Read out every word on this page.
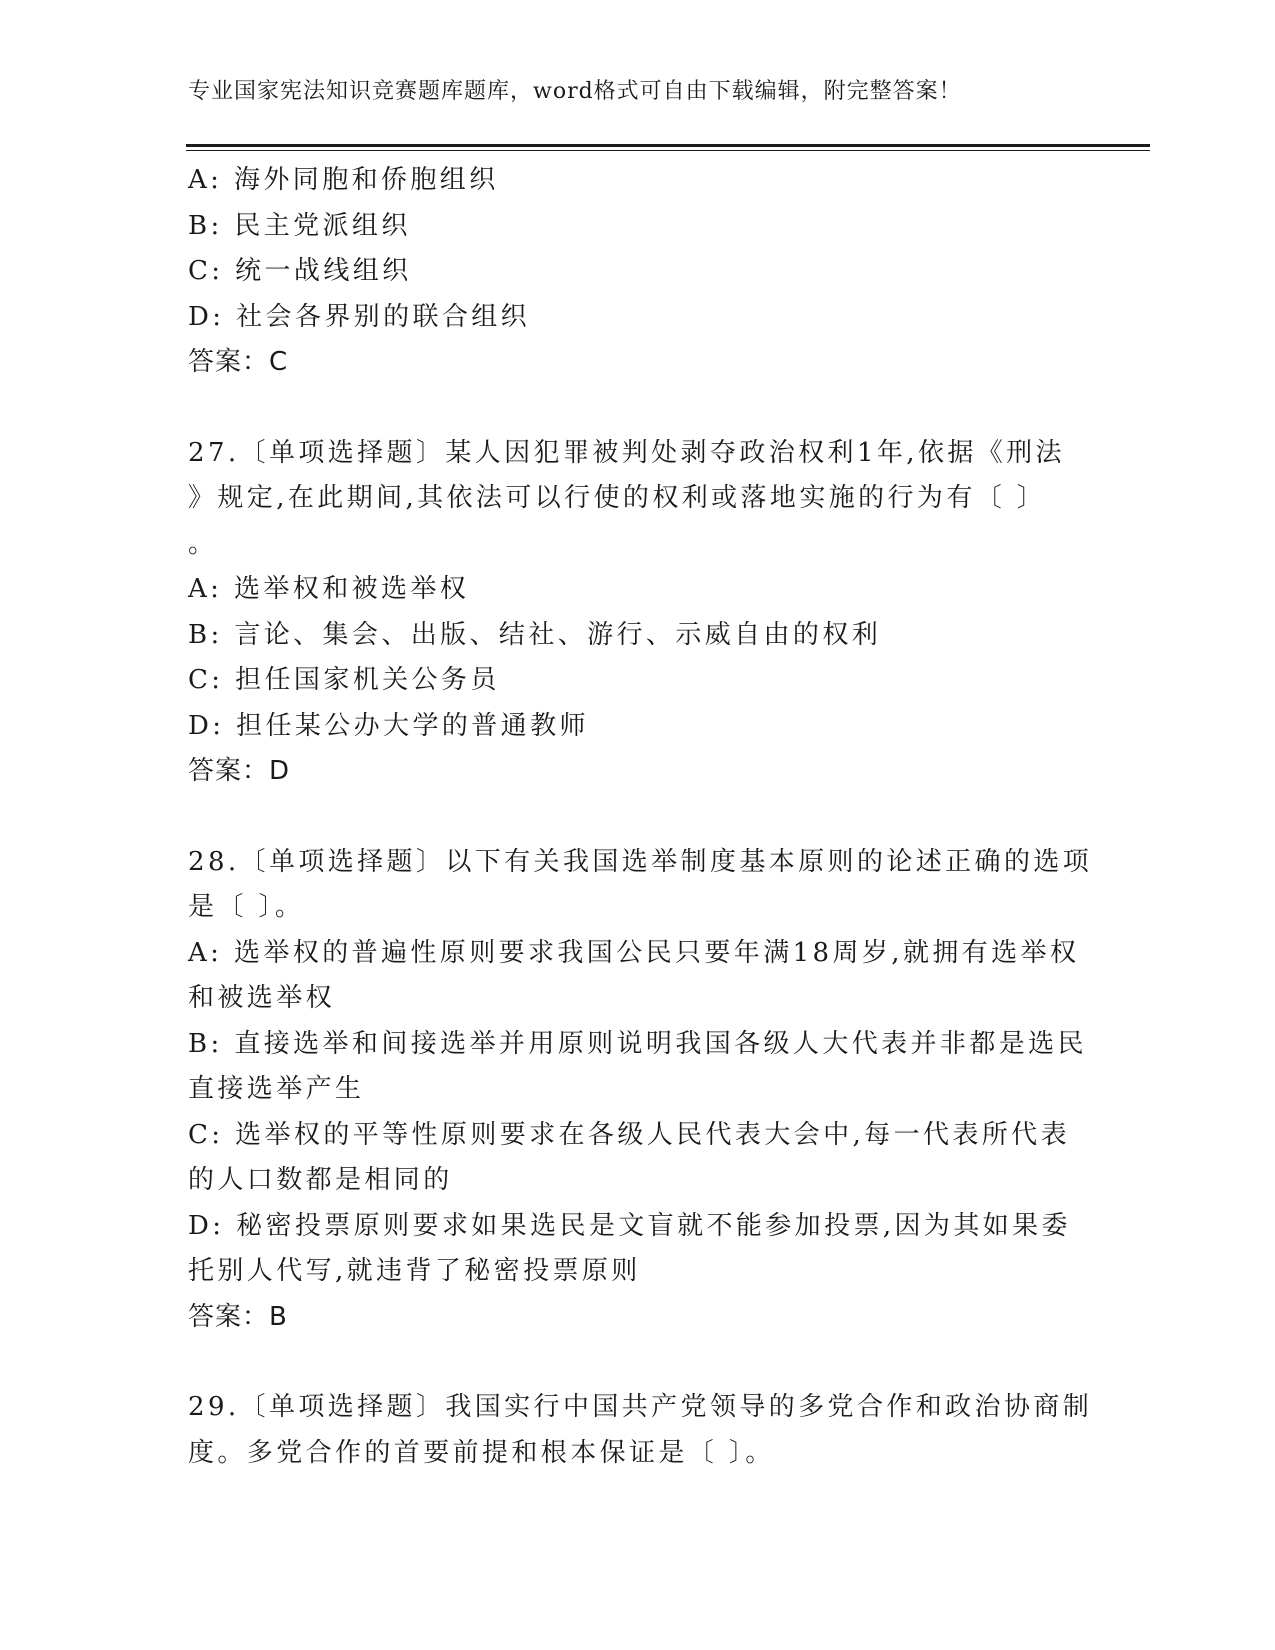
专业国家宪法知识竞赛题库题库，word格式可自由下载编辑，附完整答案！
A: 海外同胞和侨胞组织
B: 民主党派组织
C: 统一战线组织
D: 社会各界别的联合组织
答案：C
27.〔单项选择题〕某人因犯罪被判处剥夺政治权利1年,依据《刑法
》规定,在此期间,其依法可以行使的权利或落地实施的行为有〔 〕
。
A: 选举权和被选举权
B: 言论、集会、出版、结社、游行、示威自由的权利
C: 担任国家机关公务员
D: 担任某公办大学的普通教师
答案：D
28.〔单项选择题〕以下有关我国选举制度基本原则的论述正确的选项
是〔 〕。
A: 选举权的普遍性原则要求我国公民只要年满18周岁,就拥有选举权
和被选举权
B: 直接选举和间接选举并用原则说明我国各级人大代表并非都是选民
直接选举产生
C: 选举权的平等性原则要求在各级人民代表大会中,每一代表所代表
的人口数都是相同的
D: 秘密投票原则要求如果选民是文盲就不能参加投票,因为其如果委
托别人代写,就违背了秘密投票原则
答案：B
29.〔单项选择题〕我国实行中国共产党领导的多党合作和政治协商制
度。多党合作的首要前提和根本保证是〔 〕。
